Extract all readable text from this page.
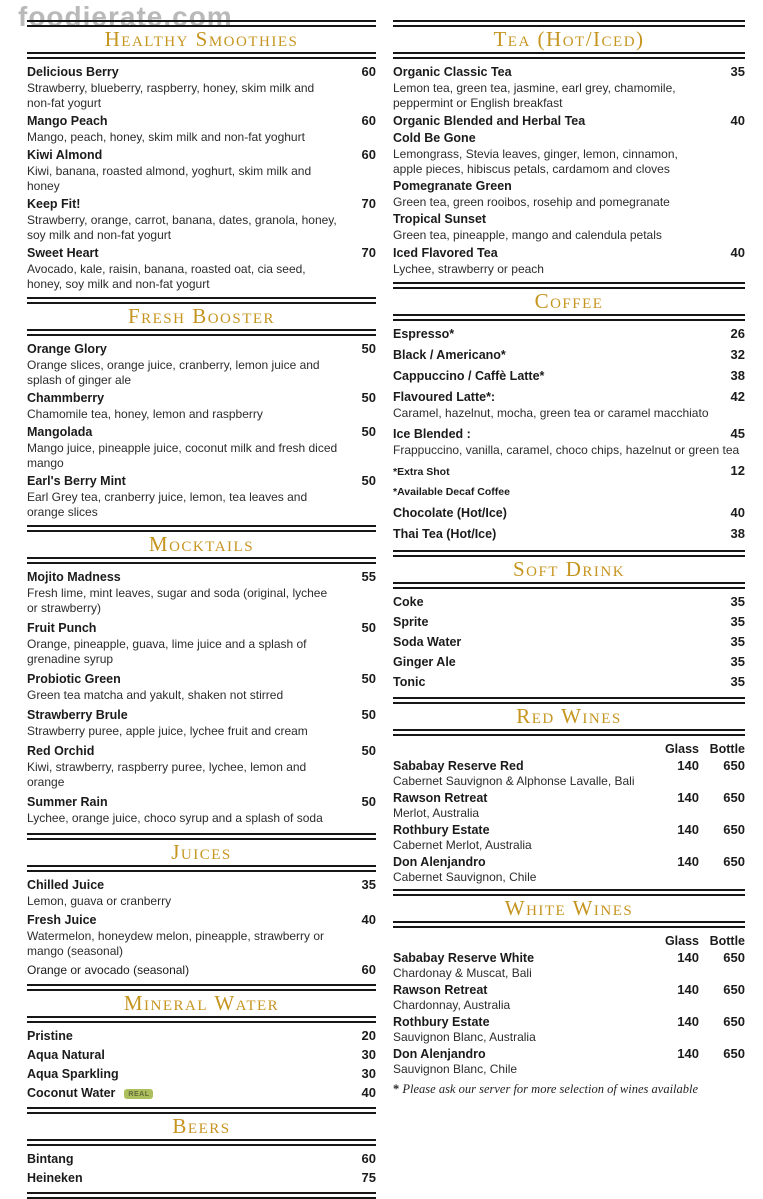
foodierate.com
Healthy Smoothies
Delicious Berry	60
Strawberry, blueberry, raspberry, honey, skim milk and non-fat yogurt
Mango Peach	60
Mango, peach, honey, skim milk and non-fat yoghurt
Kiwi Almond	60
Kiwi, banana, roasted almond, yoghurt, skim milk and honey
Keep Fit!	70
Strawberry, orange, carrot, banana, dates, granola, honey, soy milk and non-fat yogurt
Sweet Heart	70
Avocado, kale, raisin, banana, roasted oat, cia seed, honey, soy milk and non-fat yogurt
Fresh Booster
Orange Glory	50
Orange slices, orange juice, cranberry, lemon juice and splash of ginger ale
Chammberry	50
Chamomile tea, honey, lemon and raspberry
Mangolada	50
Mango juice, pineapple juice, coconut milk and fresh diced mango
Earl's Berry Mint	50
Earl Grey tea, cranberry juice, lemon, tea leaves and orange slices
Mocktails
Mojito Madness	55
Fresh lime, mint leaves, sugar and soda (original, lychee or strawberry)
Fruit Punch	50
Orange, pineapple, guava, lime juice and a splash of grenadine syrup
Probiotic Green	50
Green tea matcha and yakult, shaken not stirred
Strawberry Brule	50
Strawberry puree, apple juice, lychee fruit and cream
Red Orchid	50
Kiwi, strawberry, raspberry puree, lychee, lemon and orange
Summer Rain	50
Lychee, orange juice, choco syrup and a splash of soda
Juices
Chilled Juice	35
Lemon, guava or cranberry
Fresh Juice	40
Watermelon, honeydew melon, pineapple, strawberry or mango (seasonal)
Orange or avocado (seasonal)	60
Mineral Water
Pristine	20
Aqua Natural	30
Aqua Sparkling	30
Coconut Water	REAL	40
Beers
Bintang	60
Heineken	75
Tea (Hot/Iced)
Organic Classic Tea	35
Lemon tea, green tea, jasmine, earl grey, chamomile, peppermint or English breakfast
Organic Blended and Herbal Tea	40
Cold Be Gone
Lemongrass, Stevia leaves, ginger, lemon, cinnamon, apple pieces, hibiscus petals, cardamom and cloves
Pomegranate Green
Green tea, green rooibos, rosehip and pomegranate
Tropical Sunset
Green tea, pineapple, mango and calendula petals
Iced Flavored Tea	40
Lychee, strawberry or peach
Coffee
Espresso*	26
Black / Americano*	32
Cappuccino / Caffè Latte*	38
Flavoured Latte*:	42
Caramel, hazelnut, mocha, green tea or caramel macchiato
Ice Blended :	45
Frappuccino, vanilla, caramel, choco chips, hazelnut or green tea
*Extra Shot	12
*Available Decaf Coffee
Chocolate (Hot/Ice)	40
Thai Tea (Hot/Ice)	38
Soft Drink
Coke	35
Sprite	35
Soda Water	35
Ginger Ale	35
Tonic	35
Red Wines
Glass Bottle
Sababay Reserve Red	140	650
Cabernet Sauvignon & Alphonse Lavalle, Bali
Rawson Retreat	140	650
Merlot, Australia
Rothbury Estate	140	650
Cabernet Merlot, Australia
Don Alenjandro	140	650
Cabernet Sauvignon, Chile
White Wines
Glass Bottle
Sababay Reserve White	140	650
Chardonay & Muscat, Bali
Rawson Retreat	140	650
Chardonnay, Australia
Rothbury Estate	140	650
Sauvignon Blanc, Australia
Don Alenjandro	140	650
Sauvignon Blanc, Chile
* Please ask our server for more selection of wines available
